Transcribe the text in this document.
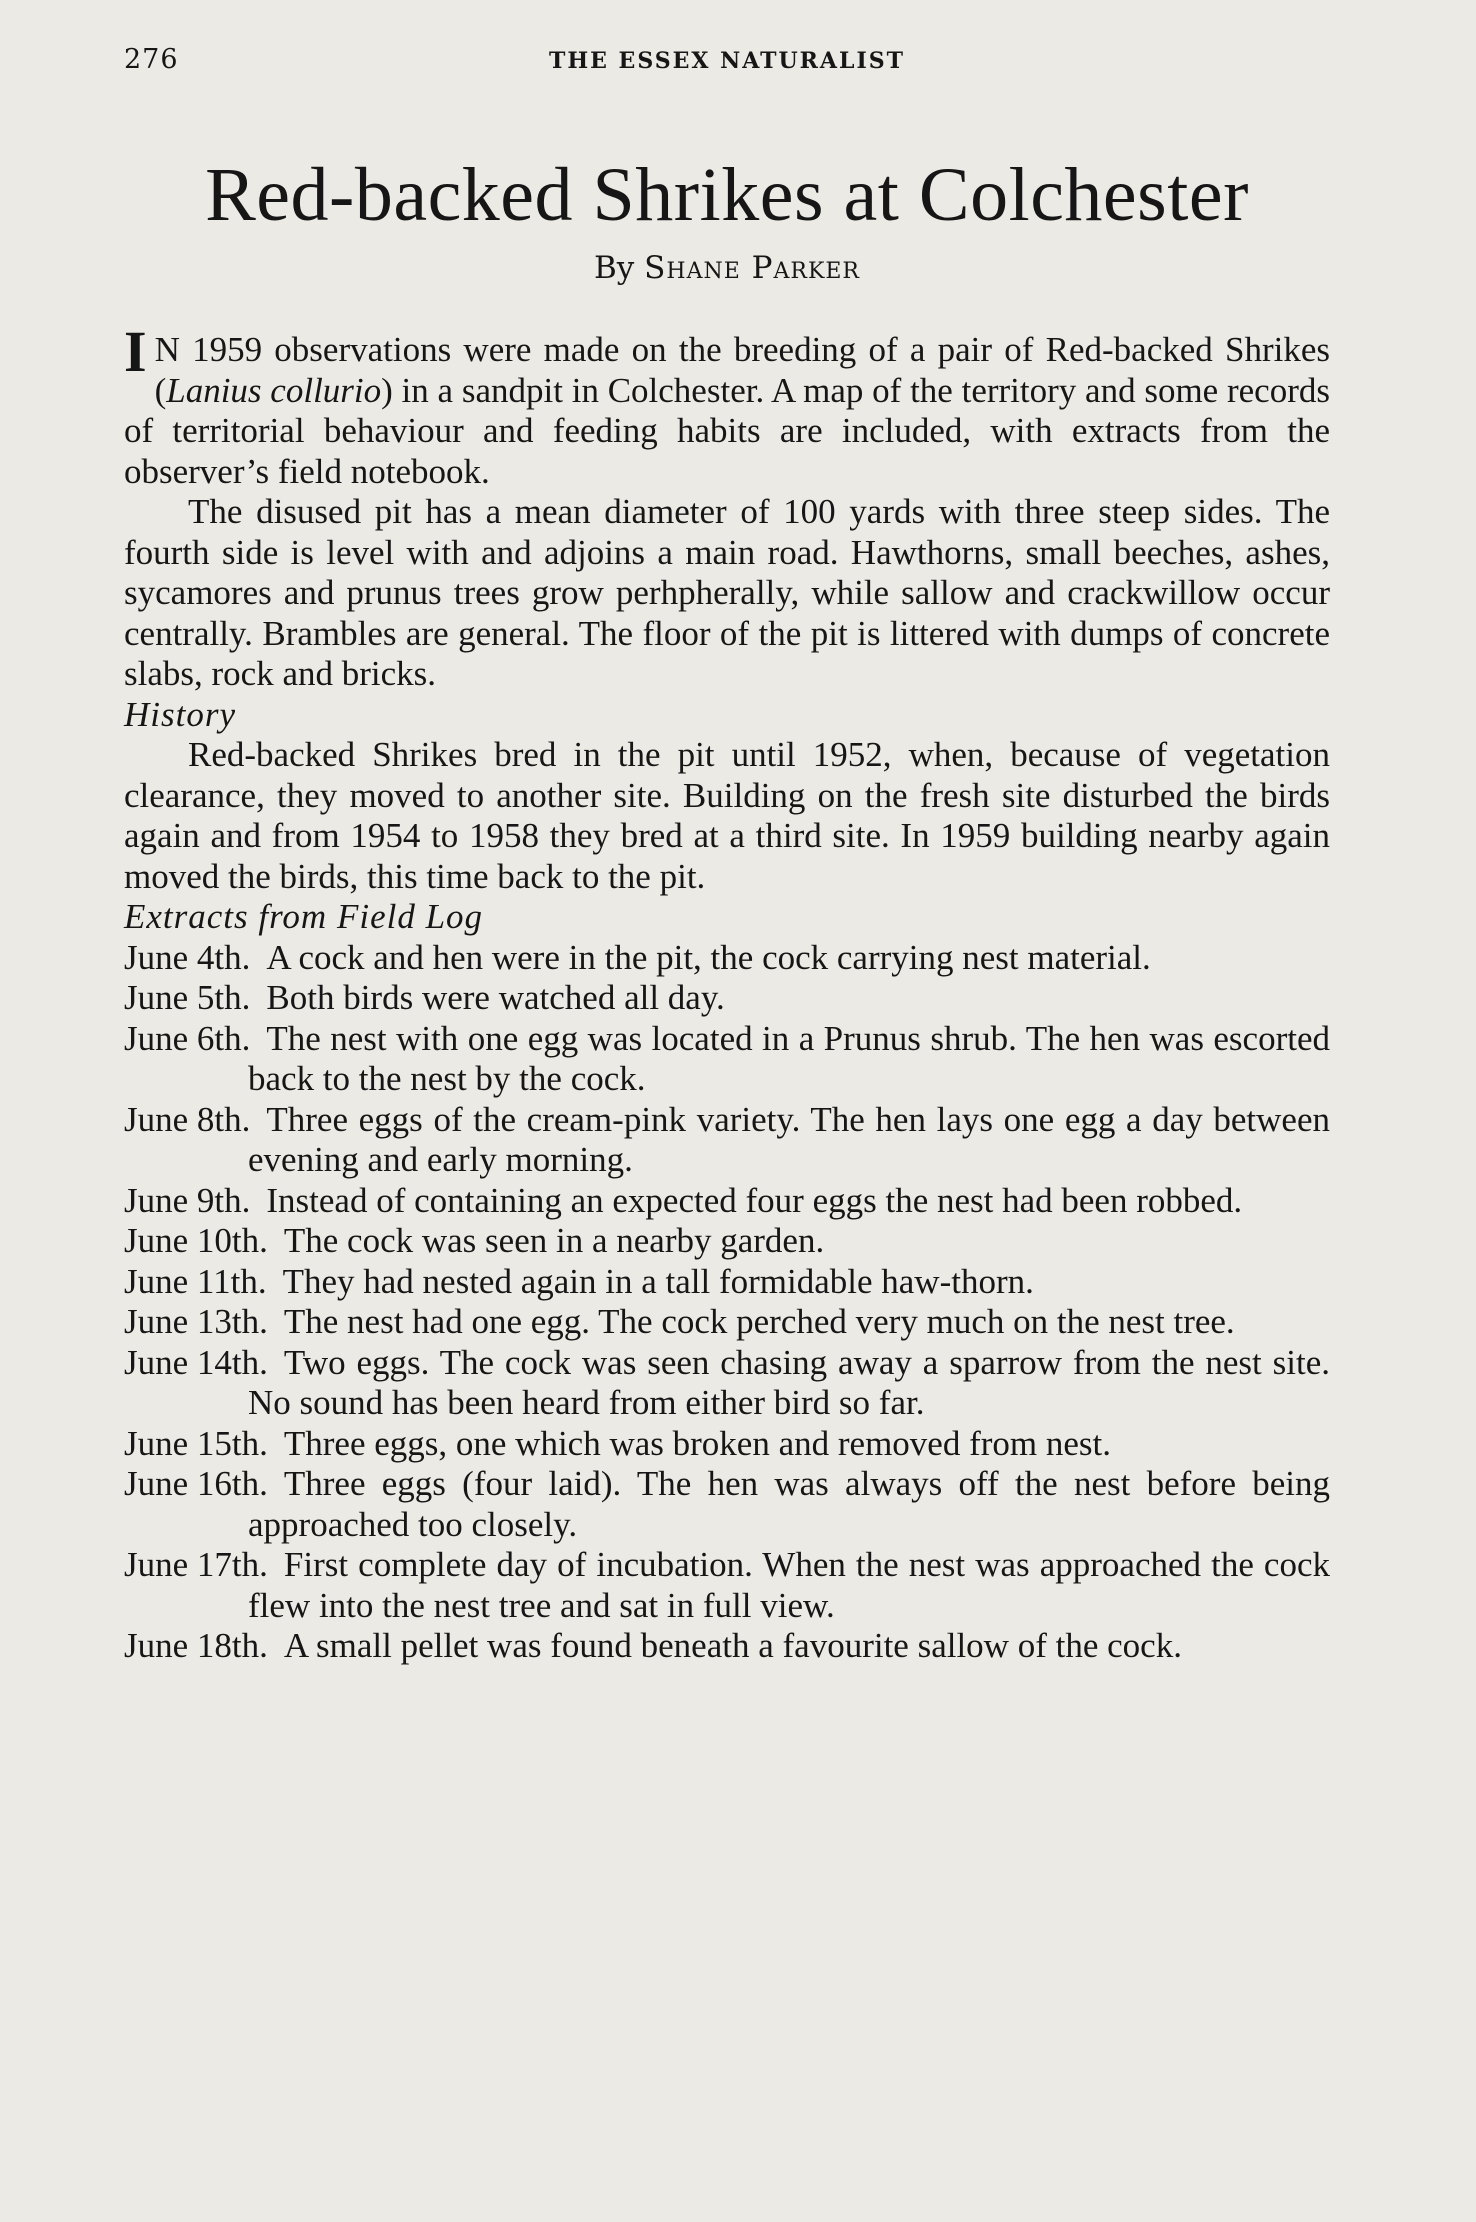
276	THE ESSEX NATURALIST
Red-backed Shrikes at Colchester
By Shane Parker

I N 1959 observations were made on the breeding of a pair of Red-backed Shrikes (Lanius collurio) in a sandpit in Colchester. A map of the territory and some records of territorial behaviour and feeding habits are included, with extracts from the observer’s field notebook.

The disused pit has a mean diameter of 100 yards with three steep sides. The fourth side is level with and adjoins a main road. Hawthorns, small beeches, ashes, sycamores and prunus trees grow perhpherally, while sallow and crackwillow occur centrally. Brambles are general. The floor of the pit is littered with dumps of concrete slabs, rock and bricks.

History

Red-backed Shrikes bred in the pit until 1952, when, because of vegetation clearance, they moved to another site. Building on the fresh site disturbed the birds again and from 1954 to 1958 they bred at a third site. In 1959 building nearby again moved the birds, this time back to the pit.

Extracts from Field Log
June 4th. A cock and hen were in the pit, the cock carrying nest material.
June 5th. Both birds were watched all day.
June 6th. The nest with one egg was located in a Prunus shrub. The hen was escorted back to the nest by the cock.
June 8th. Three eggs of the cream-pink variety. The hen lays one egg a day between evening and early morning.
June 9th. Instead of containing an expected four eggs the nest had been robbed.
June 10th. The cock was seen in a nearby garden.
June 11th. They had nested again in a tall formidable haw-thorn.
June 13th. The nest had one egg. The cock perched very much on the nest tree.
June 14th. Two eggs. The cock was seen chasing away a sparrow from the nest site. No sound has been heard from either bird so far.
June 15th. Three eggs, one which was broken and removed from nest.
June 16th. Three eggs (four laid). The hen was always off the nest before being approached too closely.
June 17th. First complete day of incubation. When the nest was approached the cock flew into the nest tree and sat in full view.
June 18th. A small pellet was found beneath a favourite sallow of the cock.
